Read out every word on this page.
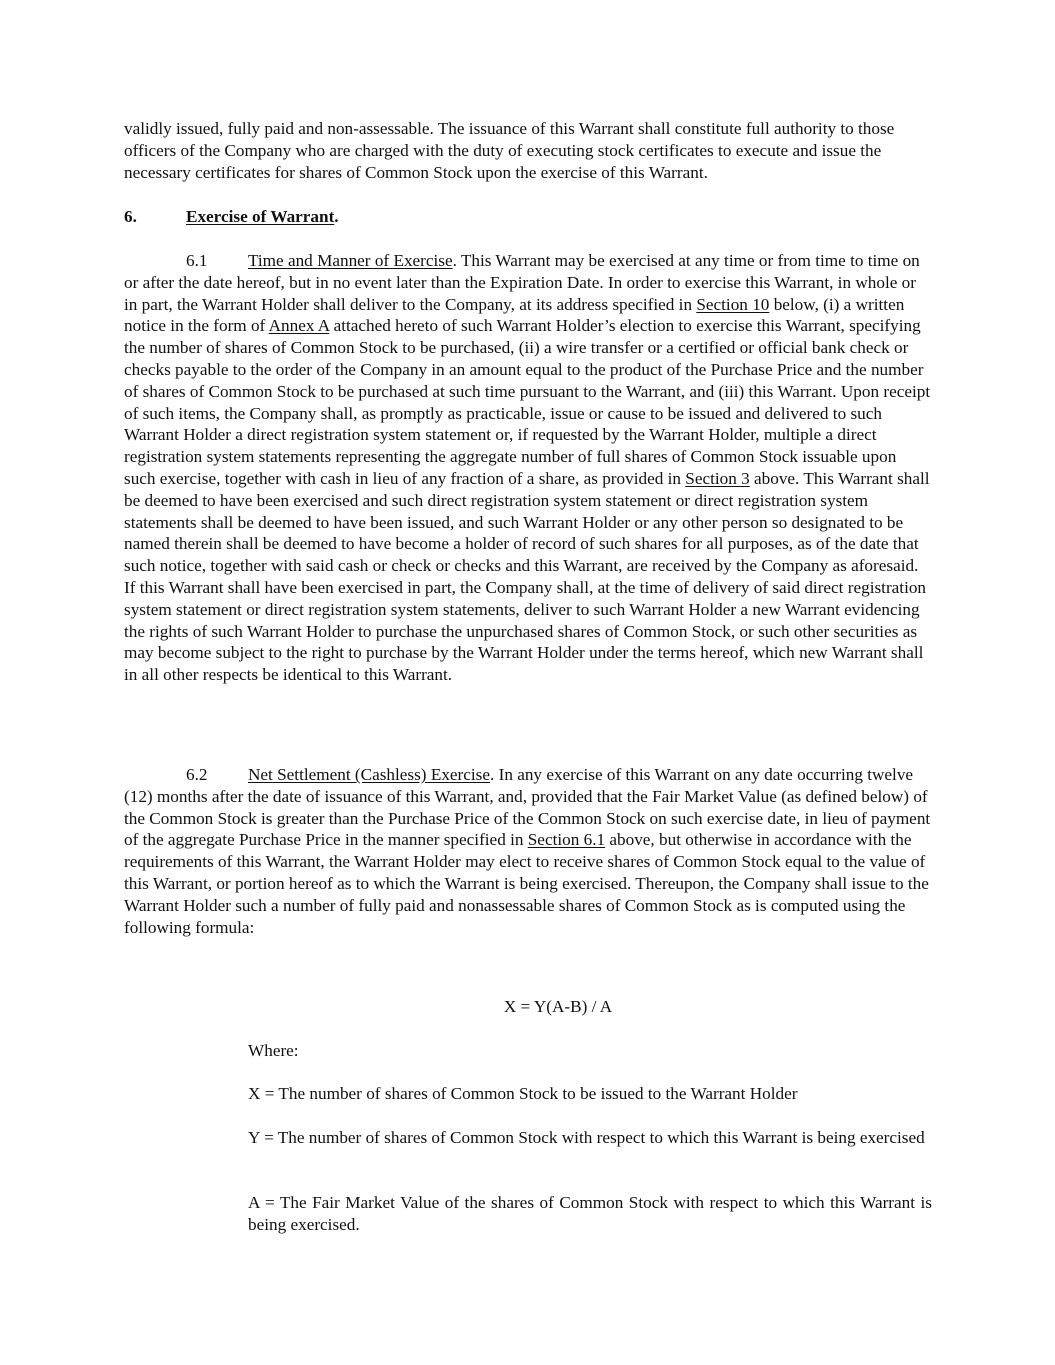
validly issued, fully paid and non-assessable. The issuance of this Warrant shall constitute full authority to those officers of the Company who are charged with the duty of executing stock certificates to execute and issue the necessary certificates for shares of Common Stock upon the exercise of this Warrant.

6.	Exercise of Warrant.

6.1 Time and Manner of Exercise. This Warrant may be exercised at any time or from time to time on or after the date hereof, but in no event later than the Expiration Date. In order to exercise this Warrant, in whole or in part, the Warrant Holder shall deliver to the Company, at its address specified in Section 10 below, (i) a written notice in the form of Annex A attached hereto of such Warrant Holder’s election to exercise this Warrant, specifying the number of shares of Common Stock to be purchased, (ii) a wire transfer or a certified or official bank check or checks payable to the order of the Company in an amount equal to the product of the Purchase Price and the number of shares of Common Stock to be purchased at such time pursuant to the Warrant, and (iii) this Warrant. Upon receipt of such items, the Company shall, as promptly as practicable, issue or cause to be issued and delivered to such Warrant Holder a direct registration system statement or, if requested by the Warrant Holder, multiple a direct registration system statements representing the aggregate number of full shares of Common Stock issuable upon such exercise, together with cash in lieu of any fraction of a share, as provided in Section 3 above. This Warrant shall be deemed to have been exercised and such direct registration system statement or direct registration system statements shall be deemed to have been issued, and such Warrant Holder or any other person so designated to be named therein shall be deemed to have become a holder of record of such shares for all purposes, as of the date that such notice, together with said cash or check or checks and this Warrant, are received by the Company as aforesaid. If this Warrant shall have been exercised in part, the Company shall, at the time of delivery of said direct registration system statement or direct registration system statements, deliver to such Warrant Holder a new Warrant evidencing the rights of such Warrant Holder to purchase the unpurchased shares of Common Stock, or such other securities as may become subject to the right to purchase by the Warrant Holder under the terms hereof, which new Warrant shall in all other respects be identical to this Warrant.

6.2 Net Settlement (Cashless) Exercise. In any exercise of this Warrant on any date occurring twelve (12) months after the date of issuance of this Warrant, and, provided that the Fair Market Value (as defined below) of the Common Stock is greater than the Purchase Price of the Common Stock on such exercise date, in lieu of payment of the aggregate Purchase Price in the manner specified in Section 6.1 above, but otherwise in accordance with the requirements of this Warrant, the Warrant Holder may elect to receive shares of Common Stock equal to the value of this Warrant, or portion hereof as to which the Warrant is being exercised. Thereupon, the Company shall issue to the Warrant Holder such a number of fully paid and nonassessable shares of Common Stock as is computed using the following formula:

X = Y(A-B) / A

Where:

X = The number of shares of Common Stock to be issued to the Warrant Holder

Y = The number of shares of Common Stock with respect to which this Warrant is being exercised

A = The Fair Market Value of the shares of Common Stock with respect to which this Warrant is being exercised.
